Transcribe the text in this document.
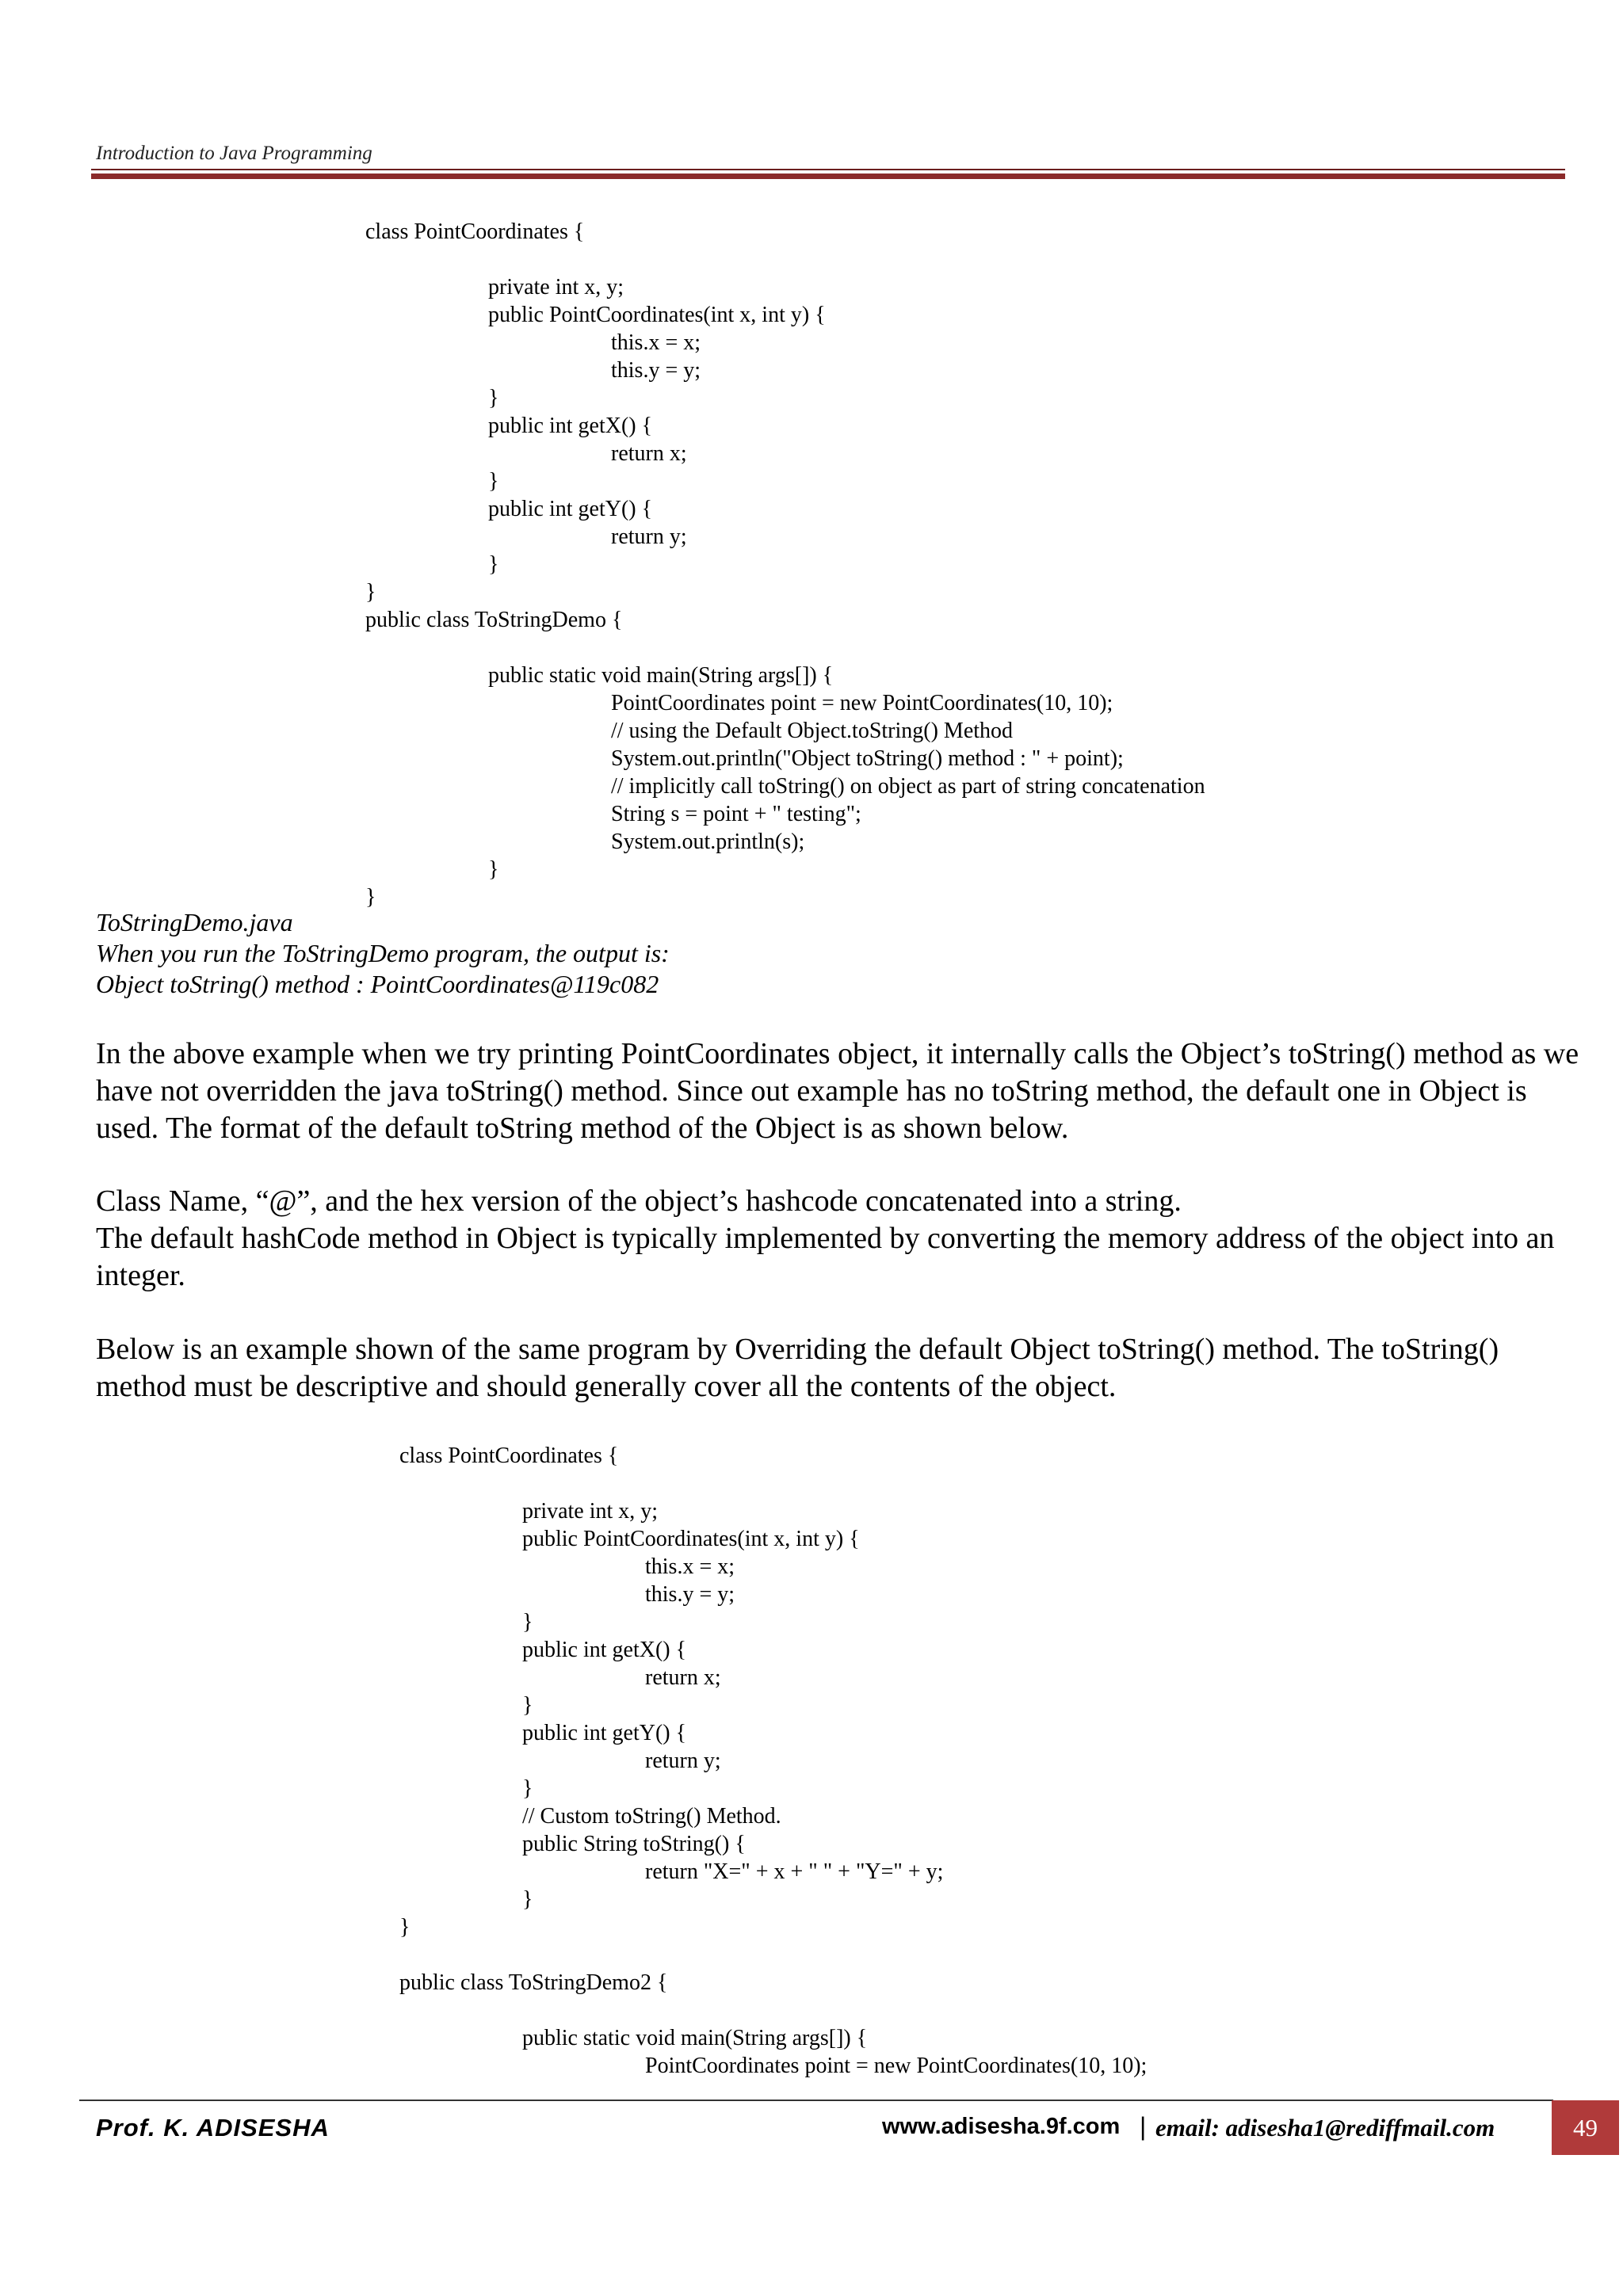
Introduction to Java Programming
class PointCoordinates {

private int x, y;
public PointCoordinates(int x, int y) {
this.x = x;
this.y = y;
}
public int getX() {
return x;
}
public int getY() {
return y;
}
}
public class ToStringDemo {

public static void main(String args[]) {
PointCoordinates point = new PointCoordinates(10, 10);
// using the Default Object.toString() Method
System.out.println("Object toString() method : " + point);
// implicitly call toString() on object as part of string concatenation
String s = point + " testing";
System.out.println(s);
}
}
ToStringDemo.java
When you run the ToStringDemo program, the output is:
Object toString() method : PointCoordinates@119c082

In the above example when we try printing PointCoordinates object, it internally calls the Object’s toString() method as we have not overridden the java toString() method. Since out example has no toString method, the default one in Object is used. The format of the default toString method of the Object is as shown below.

Class Name, “@”, and the hex version of the object’s hashcode concatenated into a string.
The default hashCode method in Object is typically implemented by converting the memory address of the object into an integer.

Below is an example shown of the same program by Overriding the default Object toString() method. The toString() method must be descriptive and should generally cover all the contents of the object.

class PointCoordinates {

private int x, y;
public PointCoordinates(int x, int y) {
this.x = x;
this.y = y;
}
public int getX() {
return x;
}
public int getY() {
return y;
}
// Custom toString() Method.
public String toString() {
return "X=" + x + " " + "Y=" + y;
}
}

public class ToStringDemo2 {

public static void main(String args[]) {
PointCoordinates point = new PointCoordinates(10, 10);
Prof. K. ADISESHA	www.adisesha.9f.com | email: adisesha1@rediffmail.com	49
